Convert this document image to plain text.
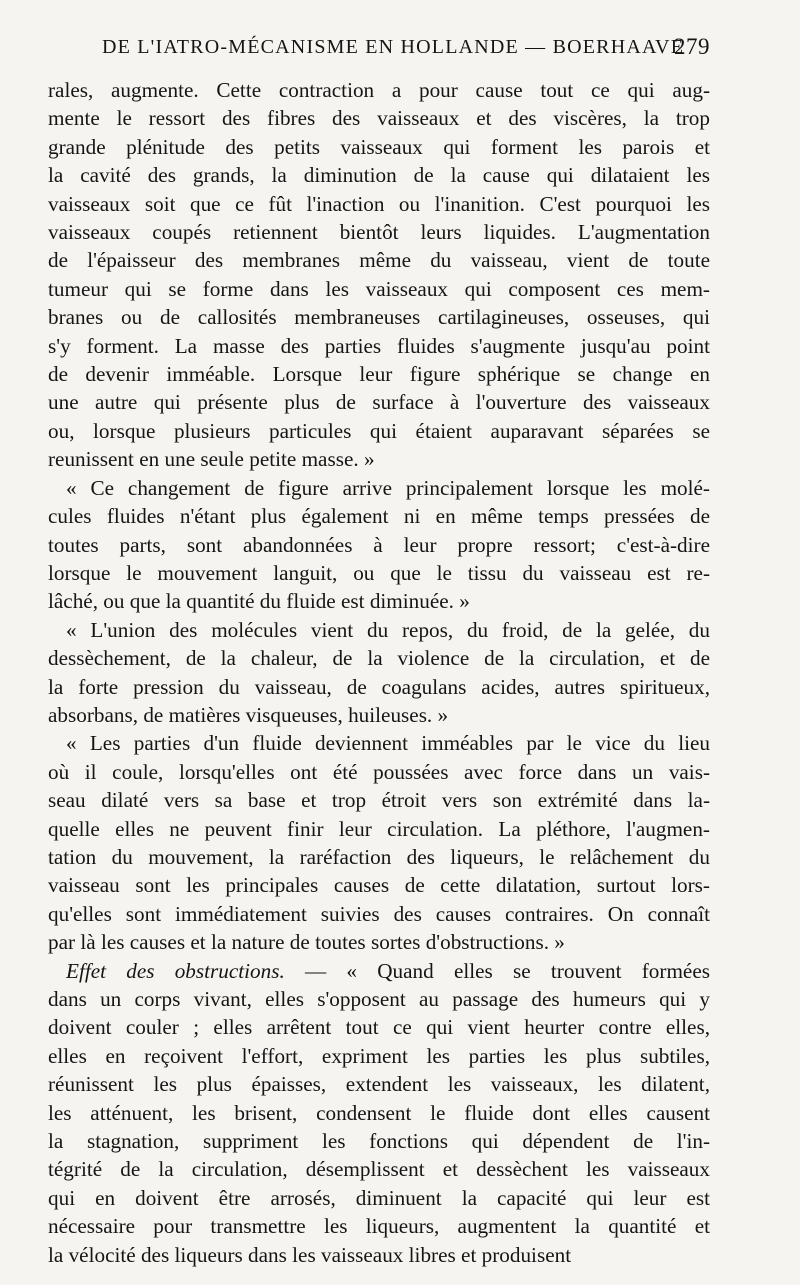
DE L'IATRO-MÉCANISME EN HOLLANDE — BOERHAAVE
279
rales, augmente. Cette contraction a pour cause tout ce qui aug-
mente le ressort des fibres des vaisseaux et des viscères, la trop
grande plénitude des petits vaisseaux qui forment les parois et
la cavité des grands, la diminution de la cause qui dilataient les
vaisseaux soit que ce fût l'inaction ou l'inanition. C'est pourquoi les
vaisseaux coupés retiennent bientôt leurs liquides. L'augmentation
de l'épaisseur des membranes même du vaisseau, vient de toute
tumeur qui se forme dans les vaisseaux qui composent ces mem-
branes ou de callosités membraneuses cartilagineuses, osseuses, qui
s'y forment. La masse des parties fluides s'augmente jusqu'au point
de devenir imméable. Lorsque leur figure sphérique se change en
une autre qui présente plus de surface à l'ouverture des vaisseaux
ou, lorsque plusieurs particules qui étaient auparavant séparées se
reunissent en une seule petite masse. »
« Ce changement de figure arrive principalement lorsque les molé-
cules fluides n'étant plus également ni en même temps pressées de
toutes parts, sont abandonnées à leur propre ressort; c'est-à-dire
lorsque le mouvement languit, ou que le tissu du vaisseau est re-
lâché, ou que la quantité du fluide est diminuée. »
« L'union des molécules vient du repos, du froid, de la gelée, du
dessèchement, de la chaleur, de la violence de la circulation, et de
la forte pression du vaisseau, de coagulans acides, autres spiritueux,
absorbans, de matières visqueuses, huileuses. »
« Les parties d'un fluide deviennent imméables par le vice du lieu
où il coule, lorsqu'elles ont été poussées avec force dans un vais-
seau dilaté vers sa base et trop étroit vers son extrémité dans la-
quelle elles ne peuvent finir leur circulation. La pléthore, l'augmen-
tation du mouvement, la raréfaction des liqueurs, le relâchement du
vaisseau sont les principales causes de cette dilatation, surtout lors-
qu'elles sont immédiatement suivies des causes contraires. On connaît
par là les causes et la nature de toutes sortes d'obstructions. »
Effet des obstructions. — « Quand elles se trouvent formées
dans un corps vivant, elles s'opposent au passage des humeurs qui y
doivent couler ; elles arrêtent tout ce qui vient heurter contre elles,
elles en reçoivent l'effort, expriment les parties les plus subtiles,
réunissent les plus épaisses, extendent les vaisseaux, les dilatent,
les atténuent, les brisent, condensent le fluide dont elles causent
la stagnation, suppriment les fonctions qui dépendent de l'in-
tégrité de la circulation, désemplissent et dessèchent les vaisseaux
qui en doivent être arrosés, diminuent la capacité qui leur est
nécessaire pour transmettre les liqueurs, augmentent la quantité et
la vélocité des liqueurs dans les vaisseaux libres et produisent
